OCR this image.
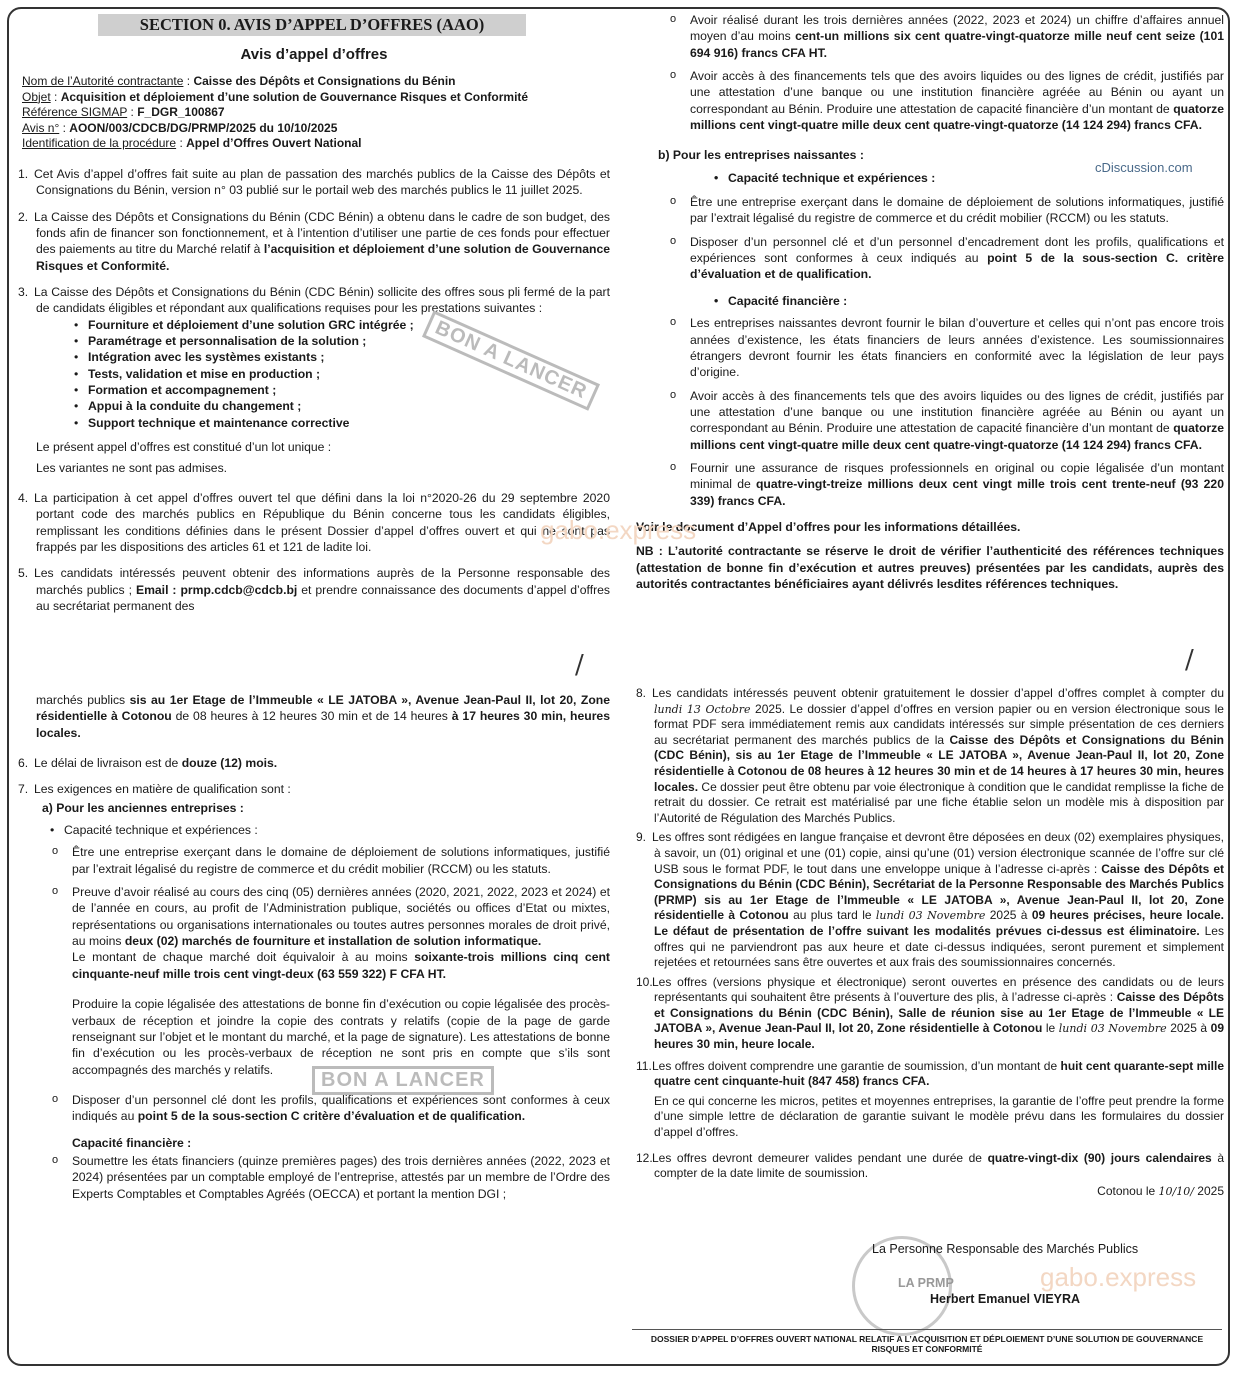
SECTION 0. AVIS D’APPEL D’OFFRES (AAO)
Avis d’appel d’offres
Nom de l’Autorité contractante : Caisse des Dépôts et Consignations du Bénin
Objet : Acquisition et déploiement d’une solution de Gouvernance Risques et Conformité
Référence SIGMAP : F_DGR_100867
Avis n° : AOON/003/CDCB/DG/PRMP/2025 du 10/10/2025
Identification de la procédure : Appel d’Offres Ouvert National

1. Cet Avis d’appel d’offres fait suite au plan de passation des marchés publics de la Caisse des Dépôts et Consignations du Bénin, version n° 03 publié sur le portail web des marchés publics le 11 juillet 2025.

2. La Caisse des Dépôts et Consignations du Bénin (CDC Bénin) a obtenu dans le cadre de son budget, des fonds afin de financer son fonctionnement, et à l’intention d’utiliser une partie de ces fonds pour effectuer des paiements au titre du Marché relatif à l’acquisition et déploiement d’une solution de Gouvernance Risques et Conformité.

3. La Caisse des Dépôts et Consignations du Bénin (CDC Bénin) sollicite des offres sous pli fermé de la part de candidats éligibles et répondant aux qualifications requises pour les prestations suivantes :

• Fourniture et déploiement d’une solution GRC intégrée ;
• Paramétrage et personnalisation de la solution ;
• Intégration avec les systèmes existants ;
• Tests, validation et mise en production ;
• Formation et accompagnement ;
• Appui à la conduite du changement ;
• Support technique et maintenance corrective

Le présent appel d’offres est constitué d’un lot unique :

Les variantes ne sont pas admises.

4. La participation à cet appel d’offres ouvert tel que défini dans la loi n°2020-26 du 29 septembre 2020 portant code des marchés publics en République du Bénin concerne tous les candidats éligibles, remplissant les conditions définies dans le présent Dossier d’appel d’offres ouvert et qui ne sont pas frappés par les dispositions des articles 61 et 121 de ladite loi.

5. Les candidats intéressés peuvent obtenir des informations auprès de la Personne responsable des marchés publics ; Email : prmp.cdcb@cdcb.bj et prendre connaissance des documents d’appel d’offres au secrétariat permanent des

/	/

marchés publics sis au 1er Etage de l’Immeuble « LE JATOBA », Avenue Jean-Paul II, lot 20, Zone résidentielle à Cotonou de 08 heures à 12 heures 30 min et de 14 heures à 17 heures 30 min, heures locales.

6. Le délai de livraison est de douze (12) mois.

7. Les exigences en matière de qualification sont :

a) Pour les anciennes entreprises :

• Capacité technique et expériences :
o Être une entreprise exerçant dans le domaine de déploiement de solutions informatiques, justifié par l’extrait légalisé du registre de commerce et du crédit mobilier (RCCM) ou les statuts.

o Preuve d’avoir réalisé au cours des cinq (05) dernières années (2020, 2021, 2022, 2023 et 2024) et de l’année en cours, au profit de l’Administration publique, sociétés ou offices d’Etat ou mixtes, représentations ou organisations internationales ou toutes autres personnes morales de droit privé, au moins deux (02) marchés de fourniture et installation de solution informatique.

Le montant de chaque marché doit équivaloir à au moins soixante-trois millions cinq cent cinquante-neuf mille trois cent vingt-deux (63 559 322) F CFA HT.

Produire la copie légalisée des attestations de bonne fin d’exécution ou copie légalisée des procès-verbaux de réception et joindre la copie des contrats y relatifs (copie de la page de garde renseignant sur l’objet et le montant du marché, et la page de signature). Les attestations de bonne fin d’exécution ou les procès-verbaux de réception ne sont pris en compte que s’ils sont accompagnés des marchés y relatifs.

o Disposer d’un personnel clé dont les profils, qualifications et expériences sont conformes à ceux indiqués au point 5 de la sous-section C critère d’évaluation et de qualification.

Capacité financière :

o Soumettre les états financiers (quinze premières pages) des trois dernières années (2022, 2023 et 2024) présentées par un comptable employé de l’entreprise, attestés par un membre de l’Ordre des Experts Comptables et Comptables Agréés (OECCA) et portant la mention DGI ;
o Avoir réalisé durant les trois dernières années (2022, 2023 et 2024) un chiffre d’affaires annuel moyen d’au moins cent-un millions six cent quatre-vingt-quatorze mille neuf cent seize (101 694 916) francs CFA HT.
o Avoir accès à des financements tels que des avoirs liquides ou des lignes de crédit, justifiés par une attestation d’une banque ou une institution financière agréée au Bénin ou ayant un correspondant au Bénin. Produire une attestation de capacité financière d’un montant de quatorze millions cent vingt-quatre mille deux cent quatre-vingt-quatorze (14 124 294) francs CFA.

b) Pour les entreprises naissantes :

• Capacité technique et expériences :
o Être une entreprise exerçant dans le domaine de déploiement de solutions informatiques, justifié par l’extrait légalisé du registre de commerce et du crédit mobilier (RCCM) ou les statuts.
o Disposer d’un personnel clé et d’un personnel d’encadrement dont les profils, qualifications et expériences sont conformes à ceux indiqués au point 5 de la sous-section C. critère d’évaluation et de qualification.
• Capacité financière :
o Les entreprises naissantes devront fournir le bilan d’ouverture et celles qui n’ont pas encore trois années d’existence, les états financiers de leurs années d’existence. Les soumissionnaires étrangers devront fournir les états financiers en conformité avec la législation de leur pays d’origine.
o Avoir accès à des financements tels que des avoirs liquides ou des lignes de crédit, justifiés par une attestation d’une banque ou une institution financière agréée au Bénin ou ayant un correspondant au Bénin. Produire une attestation de capacité financière d’un montant de quatorze millions cent vingt-quatre mille deux cent quatre-vingt-quatorze (14 124 294) francs CFA.
o Fournir une assurance de risques professionnels en original ou copie légalisée d’un montant minimal de quatre-vingt-treize millions deux cent vingt mille trois cent trente-neuf (93 220 339) francs CFA.

Voir le document d’Appel d’offres pour les informations détaillées.

NB : L’autorité contractante se réserve le droit de vérifier l’authenticité des références techniques (attestation de bonne fin d’exécution et autres preuves) présentées par les candidats, auprès des autorités contractantes bénéficiaires ayant délivrés lesdites références techniques.

cDiscussion.com

8. Les candidats intéressés peuvent obtenir gratuitement le dossier d’appel d’offres complet à compter du lundi 13 Octobre 2025. Le dossier d’appel d’offres en version papier ou en version électronique sous le format PDF sera immédiatement remis aux candidats intéressés sur simple présentation de ces derniers au secrétariat permanent des marchés publics de la Caisse des Dépôts et Consignations du Bénin (CDC Bénin), sis au 1er Etage de l’Immeuble « LE JATOBA », Avenue Jean-Paul II, lot 20, Zone résidentielle à Cotonou de 08 heures à 12 heures 30 min et de 14 heures à 17 heures 30 min, heures locales. Ce dossier peut être obtenu par voie électronique à condition que le candidat remplisse la fiche de retrait du dossier. Ce retrait est matérialisé par une fiche établie selon un modèle mis à disposition par l’Autorité de Régulation des Marchés Publics.

9. Les offres sont rédigées en langue française et devront être déposées en deux (02) exemplaires physiques, à savoir, un (01) original et une (01) copie, ainsi qu’une (01) version électronique scannée de l’offre sur clé USB sous le format PDF, le tout dans une enveloppe unique à l’adresse ci-après : Caisse des Dépôts et Consignations du Bénin (CDC Bénin), Secrétariat de la Personne Responsable des Marchés Publics (PRMP) sis au 1er Etage de l’Immeuble « LE JATOBA », Avenue Jean-Paul II, lot 20, Zone résidentielle à Cotonou au plus tard le lundi 03 Novembre 2025 à 09 heures précises, heure locale. Le défaut de présentation de l’offre suivant les modalités prévues ci-dessus est éliminatoire. Les offres qui ne parviendront pas aux heure et date ci-dessus indiquées, seront purement et simplement rejetées et retournées sans être ouvertes et aux frais des soumissionnaires concernés.

10.Les offres (versions physique et électronique) seront ouvertes en présence des candidats ou de leurs représentants qui souhaitent être présents à l’ouverture des plis, à l’adresse ci-après : Caisse des Dépôts et Consignations du Bénin (CDC Bénin), Salle de réunion sise au 1er Etage de l’Immeuble « LE JATOBA », Avenue Jean-Paul II, lot 20, Zone résidentielle à Cotonou le lundi 03 Novembre 2025 à 09 heures 30 min, heure locale.

11.Les offres doivent comprendre une garantie de soumission, d’un montant de huit cent quarante-sept mille quatre cent cinquante-huit (847 458) francs CFA.

En ce qui concerne les micros, petites et moyennes entreprises, la garantie de l’offre peut prendre la forme d’une simple lettre de déclaration de garantie suivant le modèle prévu dans les formulaires du dossier d’appel d’offres.

12.Les offres devront demeurer valides pendant une durée de quatre-vingt-dix (90) jours calendaires à compter de la date limite de soumission.

Cotonou le 10/10/ 2025

La Personne Responsable des Marchés Publics
LA PRMP
Herbert Emanuel VIEYRA
BON A LANCER
BON A LANCER
gabo.express
gabo.express
DOSSIER D’APPEL D’OFFRES OUVERT NATIONAL RELATIF A L’ACQUISITION ET DÉPLOIEMENT D’UNE SOLUTION DE GOUVERNANCE RISQUES ET CONFORMITÉ
